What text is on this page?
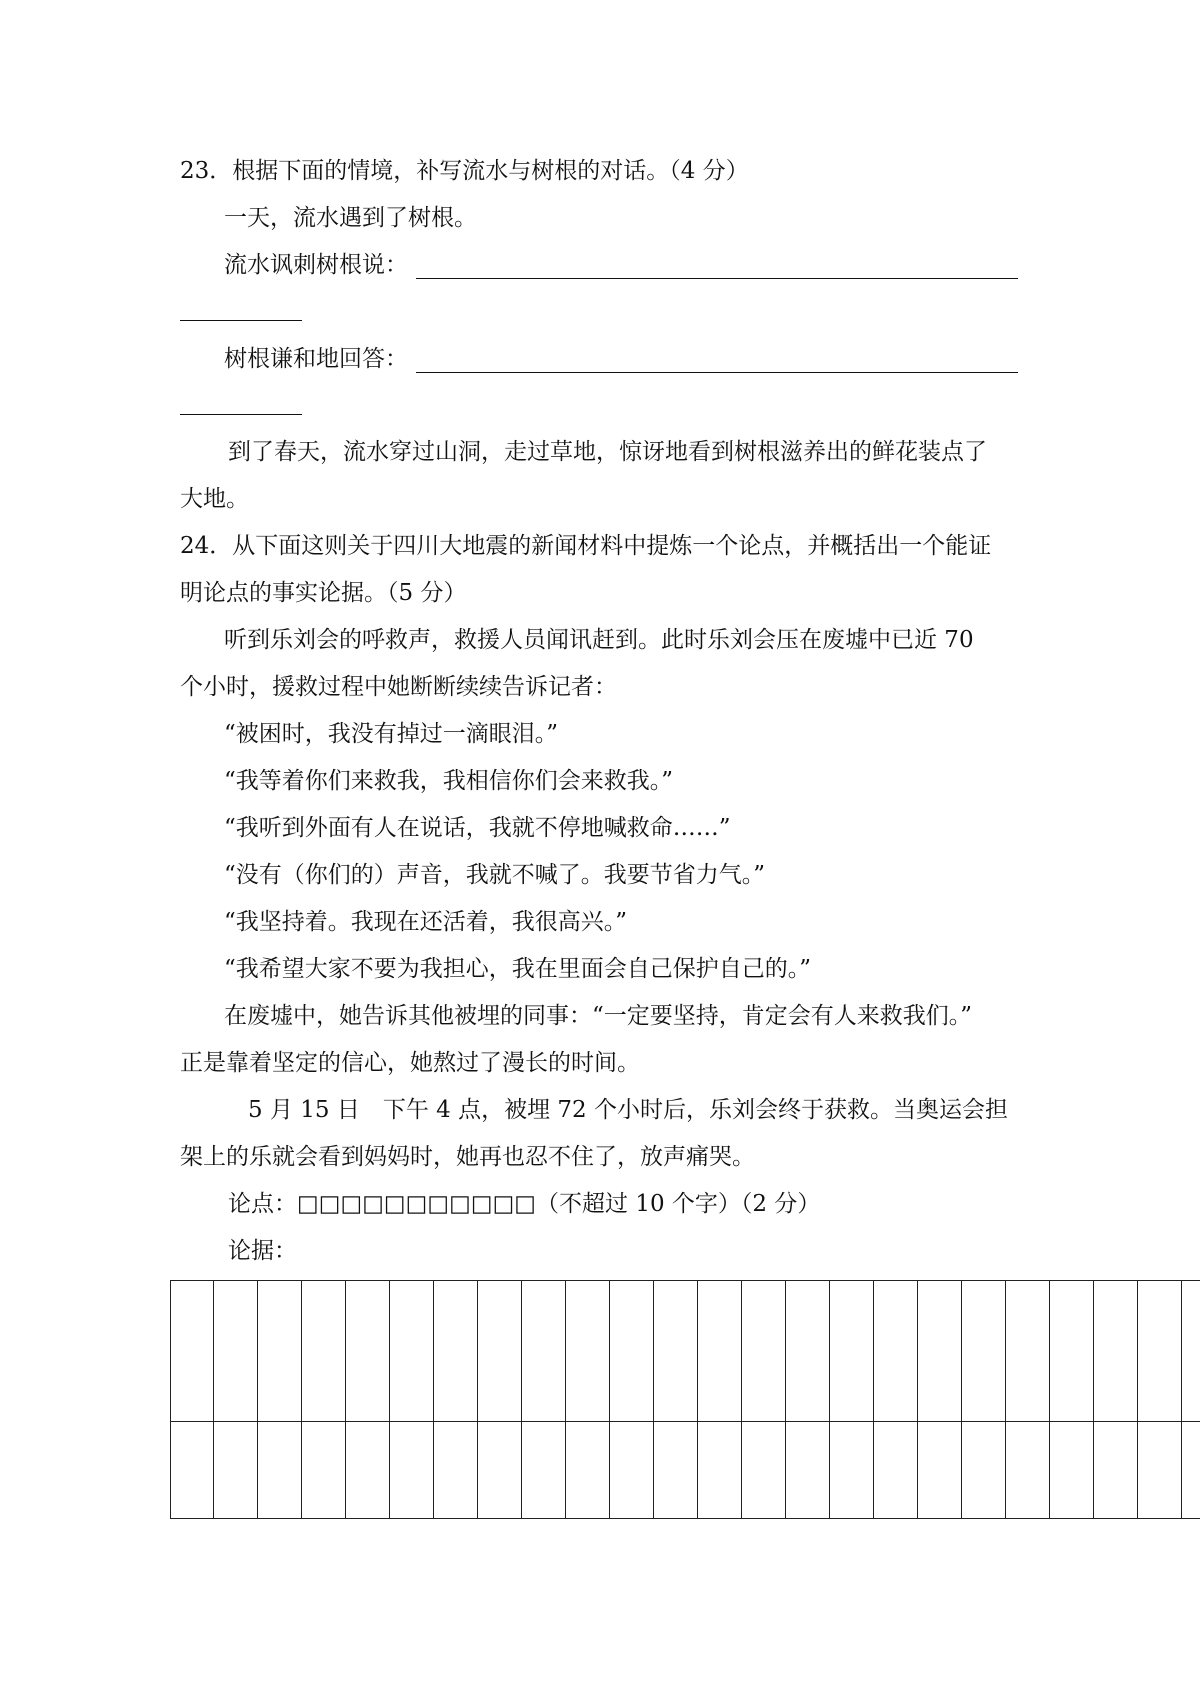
23．根据下面的情境，补写流水与树根的对话。（4 分）

一天，流水遇到了树根。

流水讽刺树根说：

树根谦和地回答：

到了春天，流水穿过山洞，走过草地，惊讶地看到树根滋养出的鲜花装点了

大地。

24．从下面这则关于四川大地震的新闻材料中提炼一个论点，并概括出一个能证

明论点的事实论据。（5 分）

听到乐刘会的呼救声，救援人员闻讯赶到。此时乐刘会压在废墟中已近 70

个小时，援救过程中她断断续续告诉记者：

“被困时，我没有掉过一滴眼泪。”

“我等着你们来救我，我相信你们会来救我。”

“我听到外面有人在说话，我就不停地喊救命……”

“没有（你们的）声音，我就不喊了。我要节省力气。”

“我坚持着。我现在还活着，我很高兴。”

“我希望大家不要为我担心，我在里面会自己保护自己的。”

在废墟中，她告诉其他被埋的同事：“一定要坚持，肯定会有人来救我们。”

正是靠着坚定的信心，她熬过了漫长的时间。

5 月 15 日　下午 4 点，被埋 72 个小时后，乐刘会终于获救。当奥运会担

架上的乐就会看到妈妈时，她再也忍不住了，放声痛哭。

论点：□□□□□□□□□□□（不超过 10 个字）（2 分）

论据：
